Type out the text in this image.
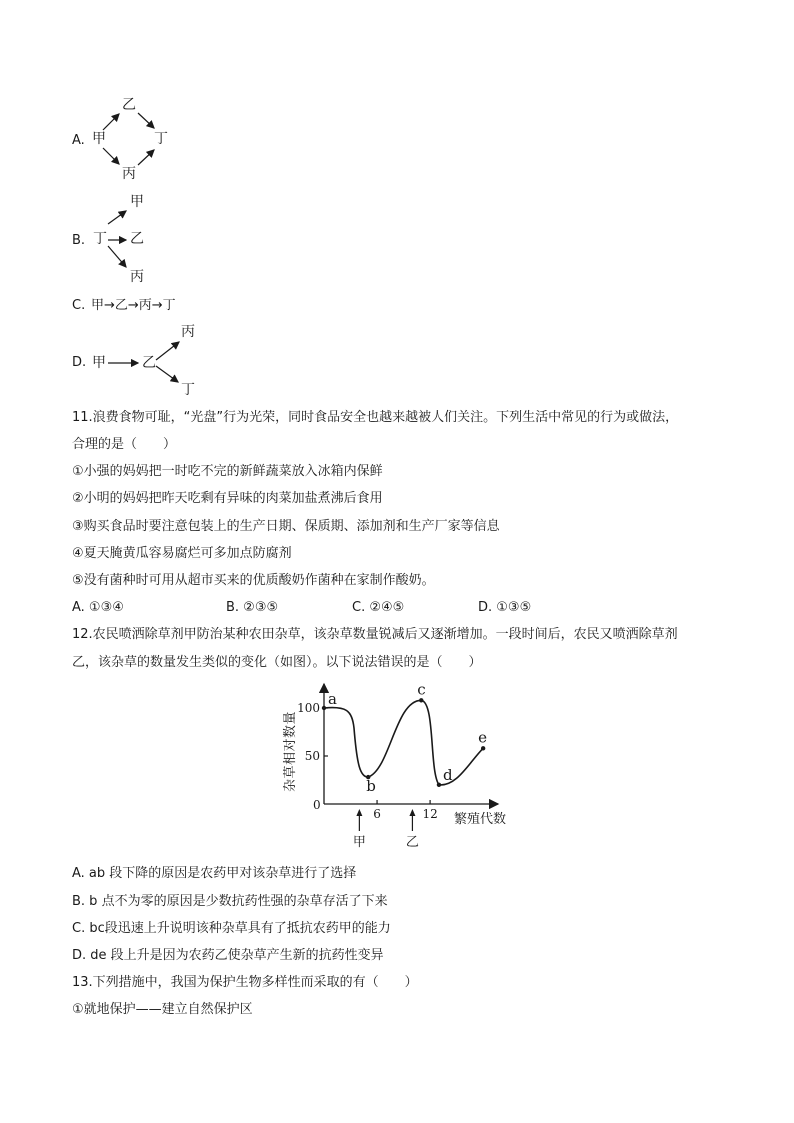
A. 甲
乙
丁
丙
B. 丁 乙
甲
丙
C. 甲→乙→丙→丁
D. 甲	乙
丙
丁
11.浪费食物可耻，“光盘”行为光荣，同时食品安全也越来越被人们关注。下列生活中常见的行为或做法，
合理的是（　　）
①小强的妈妈把一时吃不完的新鲜蔬菜放入冰箱内保鲜
②小明的妈妈把昨天吃剩有异味的肉菜加盐煮沸后食用
③购买食品时要注意包装上的生产日期、保质期、添加剂和生产厂家等信息
④夏天腌黄瓜容易腐烂可多加点防腐剂
⑤没有菌种时可用从超市买来的优质酸奶作菌种在家制作酸奶。
A. ①③④	B. ②③⑤	C. ②④⑤	D. ①③⑤
12.农民喷洒除草剂甲防治某种农田杂草，该杂草数量锐减后又逐渐增加。一段时间后，农民又喷洒除草剂
乙，该杂草的数量发生类似的变化（如图）。以下说法错误的是（　　）
杂草相对数量
繁殖代数
0
50
100
6	12
甲	乙
a
b
c
d
e
A. ab 段下降的原因是农药甲对该杂草进行了选择
B. b 点不为零的原因是少数抗药性强的杂草存活了下来
C. bc段迅速上升说明该种杂草具有了抵抗农药甲的能力
D. de 段上升是因为农药乙使杂草产生新的抗药性变异
13.下列措施中，我国为保护生物多样性而采取的有（　　）
①就地保护——建立自然保护区
